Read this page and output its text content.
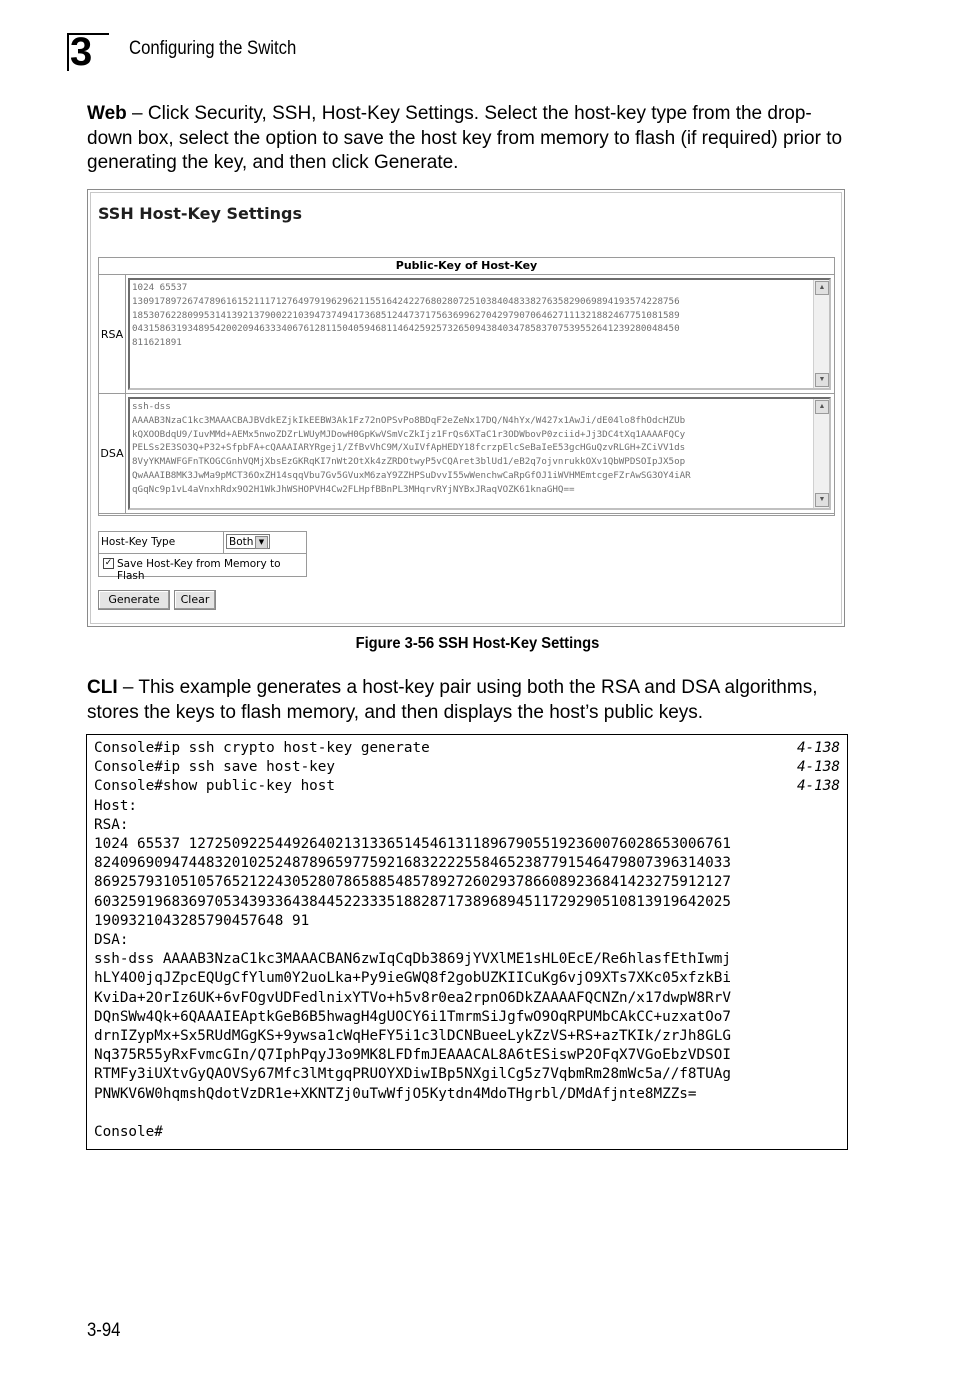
3 Configuring the Switch
Web – Click Security, SSH, Host-Key Settings. Select the host-key type from the drop-down box, select the option to save the host key from memory to flash (if required) prior to generating the key, and then click Generate.
SSH Host-Key Settings
Public-Key of Host-Key
RSA
1024 65537
130917897267478961615211171276497919629621155164242276802807251038404833827635829069894193574228756
185307622809953141392137900221039473749417368512447371756369962704297907064627111321882467751081589
043158631934895420020946333406761281150405946811464259257326509438403478583707539552641239280048450
811621891
▲
▼
DSA
ssh-dss
AAAAB3NzaC1kc3MAAACBAJBVdkEZjkIkEEBW3Ak1Fz72nOPSvPo8BDqF2eZeNx17DQ/N4hYx/W427x1AwJi/dE04lo8fhOdcHZUb
kQXOOBdqU9/IuvMMd+AEMx5nwoZDZrLWUyMJDowH0GpKwVSmVcZkIjz1FrQs6XTaC1r3ODWbovP0zciid+Jj3DC4tXq1AAAAFQCy
PELSs2E3SO3Q+P32+SfpbFA+cQAAAIARYRgej1/ZfBvVhC9M/XuIVfApHEDY18fcrzpElcSeBaIeE53gcHGuQzvRLGH+ZCiVV1ds
8VyYKMAWFGFnTKOGCGnhVQMjXbsEzGKRqKI7nWt2OtXk4zZRDOtwyP5vCQAret3blUd1/eB2q7ojvnrukkOXv1QbWPDSOIpJX5op
QwAAAIB8MK3JwMa9pMCT36OxZH14sqqVbu7Gv5GVuxM6zaY9ZZHPSuDvvI55wWenchwCaRpGfOJ1iWVHMEmtcgeFZrAwSG3OY4iAR
qGqNc9p1vL4aVnxhRdx9O2H1WkJhWSHOPVH4Cw2FLHpfBBnPL3MHqrvRYjNYBxJRaqVOZK61knaGHQ==
▲
▼
Host-Key Type	Both ▼
✓ Save Host-Key from Memory to Flash
Generate	Clear
Figure 3-56 SSH Host-Key Settings
CLI – This example generates a host-key pair using both the RSA and DSA algorithms, stores the keys to flash memory, and then displays the host’s public keys.
Console#ip ssh crypto host-key generate	4-138
Console#ip ssh save host-key	4-138
Console#show public-key host	4-138
Host:
RSA:
1024 65537 127250922544926402131336514546131189679055192360076028653006761
82409690947448320102524878965977592168322225584652387791546479807396314033
86925793105105765212243052807865885485789272602937866089236841423275912127
60325919683697053439336438445223335188287173896894511729290510813919642025
1909321043285790457648 91
DSA:
ssh-dss AAAAB3NzaC1kc3MAAACBAN6zwIqCqDb3869jYVXlME1sHL0EcE/Re6hlasfEthIwmj
hLY4O0jqJZpcEQUgCfYlum0Y2uoLka+Py9ieGWQ8f2gobUZKIICuKg6vjO9XTs7XKc05xfzkBi
KviDa+2OrIz6UK+6vFOgvUDFedlnixYTVo+h5v8r0ea2rpnO6DkZAAAAFQCNZn/x17dwpW8RrV
DQnSWw4Qk+6QAAAIEAptkGeB6B5hwagH4gUOCY6i1TmrmSiJgfwO9OqRPUMbCAkCC+uzxatOo7
drnIZypMx+Sx5RUdMGgKS+9ywsa1cWqHeFY5i1c3lDCNBueeLykZzVS+RS+azTKIk/zrJh8GLG
Nq375R55yRxFvmcGIn/Q7IphPqyJ3o9MK8LFDfmJEAAACAL8A6tESiswP2OFqX7VGoEbzVDSOI
RTMFy3iUXtvGyQAOVSy67Mfc3lMtgqPRUOYXDiwIBp5NXgilCg5z7VqbmRm28mWc5a//f8TUAg
PNWKV6W0hqmshQdotVzDR1e+XKNTZj0uTwWfjO5Kytdn4MdoTHgrbl/DMdAfjnte8MZZs=
Console#
3-94
